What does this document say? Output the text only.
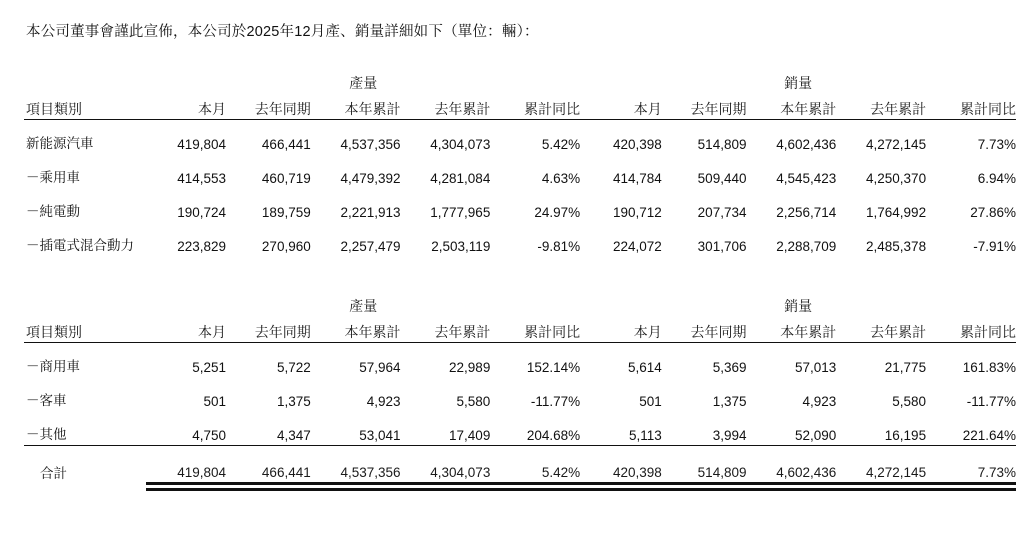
本公司董事會謹此宣佈，本公司於2025年12月產、銷量詳細如下（單位：輛）：
	產量					銷量				
項目類別	本月	去年同期	本年累計	去年累計	累計同比	本月	去年同期	本年累計	去年累計	累計同比

新能源汽車	419,804	466,441	4,537,356	4,304,073	5.42%	420,398	514,809	4,602,436	4,272,145	7.73%
－乘用車	414,553	460,719	4,479,392	4,281,084	4.63%	414,784	509,440	4,545,423	4,250,370	6.94%
－純電動	190,724	189,759	2,221,913	1,777,965	24.97%	190,712	207,734	2,256,714	1,764,992	27.86%
－插電式混合動力	223,829	270,960	2,257,479	2,503,119	-9.81%	224,072	301,706	2,288,709	2,485,378	-7.91%
	產量					銷量				
項目類別	本月	去年同期	本年累計	去年累計	累計同比	本月	去年同期	本年累計	去年累計	累計同比

－商用車	5,251	5,722	57,964	22,989	152.14%	5,614	5,369	57,013	21,775	161.83%
－客車	501	1,375	4,923	5,580	-11.77%	501	1,375	4,923	5,580	-11.77%
－其他	4,750	4,347	53,041	17,409	204.68%	5,113	3,994	52,090	16,195	221.64%
合計	419,804	466,441	4,537,356	4,304,073	5.42%	420,398	514,809	4,602,436	4,272,145	7.73%
